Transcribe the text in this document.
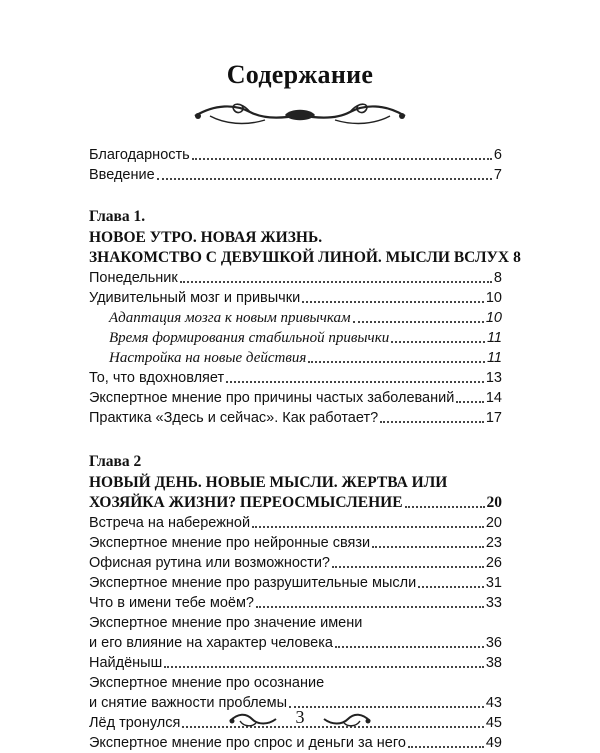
Содержание
Благодарность	6
Введение	7
Глава 1.
НОВОЕ УТРО. НОВАЯ ЖИЗНЬ.
ЗНАКОМСТВО С ДЕВУШКОЙ ЛИНОЙ. МЫСЛИ ВСЛУХ 8
Понедельник	8
Удивительный мозг и привычки	10
Адаптация мозга к новым привычкам	10
Время формирования стабильной привычки	11
Настройка на новые действия	11
То, что вдохновляет	13
Экспертное мнение про причины частых заболеваний 14
Практика «Здесь и сейчас». Как работает?	17
Глава 2
НОВЫЙ ДЕНЬ. НОВЫЕ МЫСЛИ. ЖЕРТВА ИЛИ
ХОЗЯЙКА ЖИЗНИ? ПЕРЕОСМЫСЛЕНИЕ	20
Встреча на набережной	20
Экспертное мнение про нейронные связи	23
Офисная рутина или возможности?	26
Экспертное мнение про разрушительные мысли	31
Что в имени тебе моём?	33
Экспертное мнение про значение имени
и его влияние на характер человека	36
Найдёныш	38
Экспертное мнение про осознание
и снятие важности проблемы	43
Лёд тронулся	45
Экспертное мнение про спрос и деньги за него	49
3
